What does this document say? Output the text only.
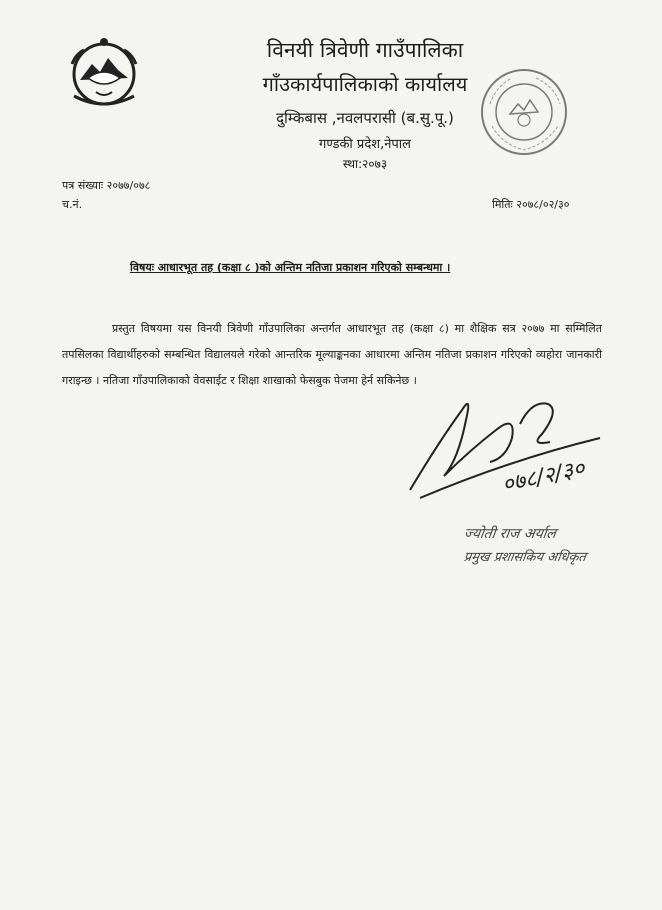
विनयी त्रिवेणी गाउँपालिका
गाँउकार्यपालिकाको कार्यालय
दुम्किबास ,नवलपरासी (ब.सु.पू.)
गण्डकी प्रदेश,नेपाल
स्था:२०७३
पत्र संख्याः २०७७/०७८
च.नं.	मितिः २०७८/०२/३०
विषयः आधारभूत तह (कक्षा ८ )को अन्तिम नतिजा प्रकाशन गरिएको सम्बन्धमा ।
प्रस्तुत विषयमा यस विनयी त्रिवेणी गाँउपालिका अन्तर्गत आधारभूत तह (कक्षा ८) मा शैक्षिक सत्र २०७७ मा सम्मिलित तपसिलका विद्यार्थीहरुको सम्बन्धित विद्यालयले गरेको आन्तरिक मूल्याङ्कनका आधारमा अन्तिम नतिजा प्रकाशन गरिएको व्यहोरा जानकारी गराइन्छ । नतिजा गाँउपालिकाको वेवसाईट र शिक्षा शाखाको फेसबुक पेजमा हेर्न सकिनेछ ।
०७८/२/३०
ज्योती राज अर्याल
प्रमुख प्रशासकिय अधिकृत
